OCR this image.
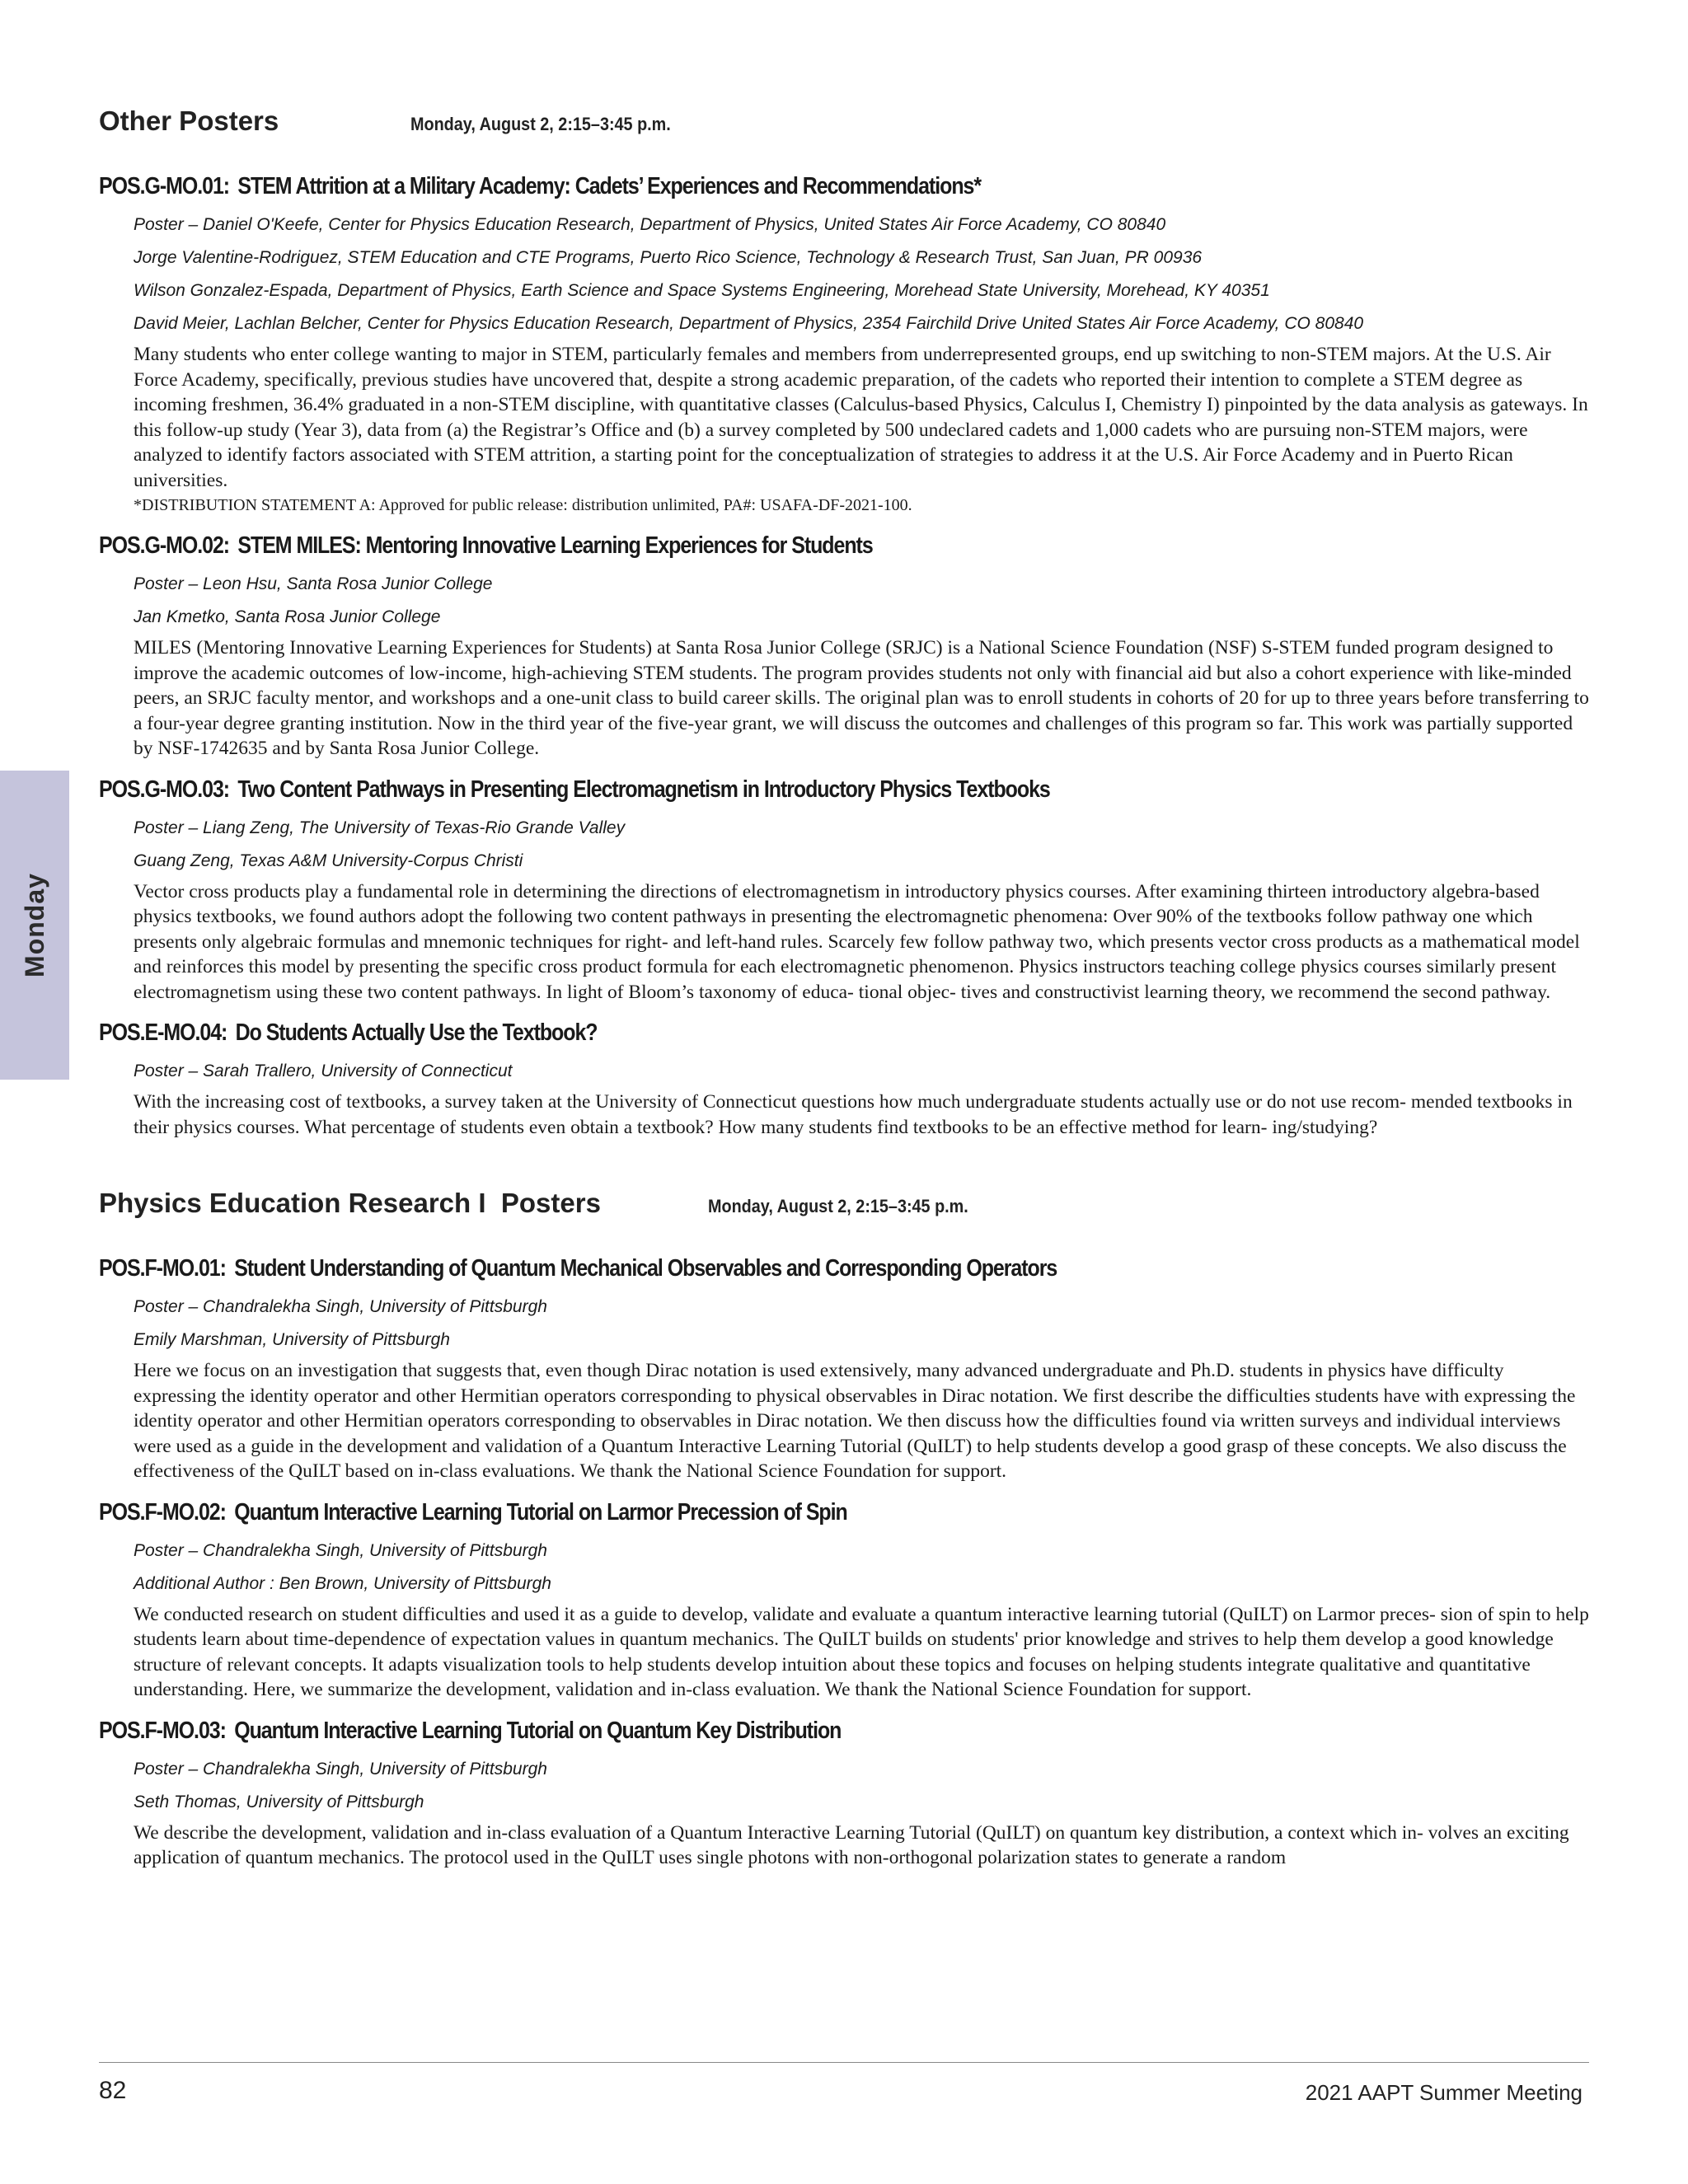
Monday
Other Posters	Monday, August 2, 2:15–3:45 p.m.
POS.G-MO.01: STEM Attrition at a Military Academy: Cadets’ Experiences and Recommendations*
Poster – Daniel O'Keefe, Center for Physics Education Research, Department of Physics, United States Air Force Academy, CO 80840
Jorge Valentine-Rodriguez, STEM Education and CTE Programs, Puerto Rico Science, Technology & Research Trust, San Juan, PR 00936
Wilson Gonzalez-Espada, Department of Physics, Earth Science and Space Systems Engineering, Morehead State University, Morehead, KY 40351
David Meier, Lachlan Belcher, Center for Physics Education Research, Department of Physics, 2354 Fairchild Drive United States Air Force Academy, CO 80840
Many students who enter college wanting to major in STEM, particularly females and members from underrepresented groups, end up switching to non-STEM majors. At the U.S. Air Force Academy, specifically, previous studies have uncovered that, despite a strong academic preparation, of the cadets who reported their intention to complete a STEM degree as incoming freshmen, 36.4% graduated in a non-STEM discipline, with quantitative classes (Calculus-based Physics, Calculus I, Chemistry I) pinpointed by the data analysis as gateways. In this follow-up study (Year 3), data from (a) the Registrar’s Office and (b) a survey completed by 500 undeclared cadets and 1,000 cadets who are pursuing non-STEM majors, were analyzed to identify factors associated with STEM attrition, a starting point for the conceptualization of strategies to address it at the U.S. Air Force Academy and in Puerto Rican universities.
*DISTRIBUTION STATEMENT A: Approved for public release: distribution unlimited, PA#: USAFA-DF-2021-100.
POS.G-MO.02: STEM MILES: Mentoring Innovative Learning Experiences for Students
Poster – Leon Hsu, Santa Rosa Junior College
Jan Kmetko, Santa Rosa Junior College
MILES (Mentoring Innovative Learning Experiences for Students) at Santa Rosa Junior College (SRJC) is a National Science Foundation (NSF) S-STEM funded program designed to improve the academic outcomes of low-income, high-achieving STEM students. The program provides students not only with financial aid but also a cohort experience with like-minded peers, an SRJC faculty mentor, and workshops and a one-unit class to build career skills. The original plan was to enroll students in cohorts of 20 for up to three years before transferring to a four-year degree granting institution. Now in the third year of the five-year grant, we will discuss the outcomes and challenges of this program so far. This work was partially supported by NSF-1742635 and by Santa Rosa Junior College.
POS.G-MO.03: Two Content Pathways in Presenting Electromagnetism in Introductory Physics Textbooks
Poster – Liang Zeng, The University of Texas-Rio Grande Valley
Guang Zeng, Texas A&M University-Corpus Christi
Vector cross products play a fundamental role in determining the directions of electromagnetism in introductory physics courses. After examining thirteen introductory algebra-based physics textbooks, we found authors adopt the following two content pathways in presenting the electromagnetic phenomena: Over 90% of the textbooks follow pathway one which presents only algebraic formulas and mnemonic techniques for right- and left-hand rules. Scarcely few follow pathway two, which presents vector cross products as a mathematical model and reinforces this model by presenting the specific cross product formula for each electromagnetic phenomenon. Physics instructors teaching college physics courses similarly present electromagnetism using these two content pathways. In light of Bloom’s taxonomy of educa- tional objec- tives and constructivist learning theory, we recommend the second pathway.
POS.E-MO.04: Do Students Actually Use the Textbook?
Poster – Sarah Trallero, University of Connecticut
With the increasing cost of textbooks, a survey taken at the University of Connecticut questions how much undergraduate students actually use or do not use recom- mended textbooks in their physics courses. What percentage of students even obtain a textbook? How many students find textbooks to be an effective method for learn- ing/studying?
Physics Education Research I  Posters	Monday, August 2, 2:15–3:45 p.m.
POS.F-MO.01: Student Understanding of Quantum Mechanical Observables and Corresponding Operators
Poster – Chandralekha Singh, University of Pittsburgh
Emily Marshman, University of Pittsburgh
Here we focus on an investigation that suggests that, even though Dirac notation is used extensively, many advanced undergraduate and Ph.D. students in physics have difficulty expressing the identity operator and other Hermitian operators corresponding to physical observables in Dirac notation. We first describe the difficulties students have with expressing the identity operator and other Hermitian operators corresponding to observables in Dirac notation. We then discuss how the difficulties found via written surveys and individual interviews were used as a guide in the development and validation of a Quantum Interactive Learning Tutorial (QuILT) to help students develop a good grasp of these concepts. We also discuss the effectiveness of the QuILT based on in-class evaluations. We thank the National Science Foundation for support.
POS.F-MO.02: Quantum Interactive Learning Tutorial on Larmor Precession of Spin
Poster – Chandralekha Singh, University of Pittsburgh
Additional Author : Ben Brown, University of Pittsburgh
We conducted research on student difficulties and used it as a guide to develop, validate and evaluate a quantum interactive learning tutorial (QuILT) on Larmor preces- sion of spin to help students learn about time-dependence of expectation values in quantum mechanics. The QuILT builds on students' prior knowledge and strives to help them develop a good knowledge structure of relevant concepts. It adapts visualization tools to help students develop intuition about these topics and focuses on helping students integrate qualitative and quantitative understanding. Here, we summarize the development, validation and in-class evaluation. We thank the National Science Foundation for support.
POS.F-MO.03: Quantum Interactive Learning Tutorial on Quantum Key Distribution
Poster – Chandralekha Singh, University of Pittsburgh
Seth Thomas, University of Pittsburgh
We describe the development, validation and in-class evaluation of a Quantum Interactive Learning Tutorial (QuILT) on quantum key distribution, a context which in- volves an exciting application of quantum mechanics. The protocol used in the QuILT uses single photons with non-orthogonal polarization states to generate a random
82	2021 AAPT Summer Meeting
